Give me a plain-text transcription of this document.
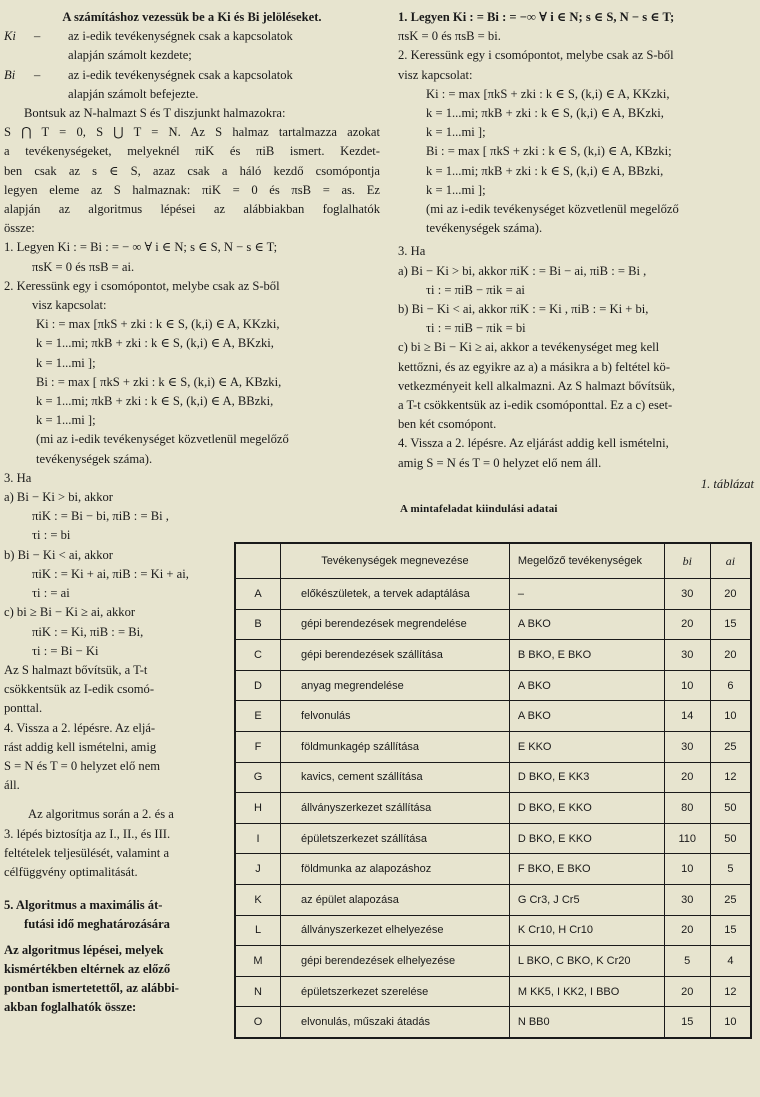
A számításhoz vezessük be a Ki és Bi jelöléseket.

Ki	–	az i-edik tevékenységnek csak a kapcsolatok

alapján számolt kezdete;

Bi	–	az i-edik tevékenységnek csak a kapcsolatok

alapján számolt befejezte.

Bontsuk az N-halmazt S és T diszjunkt halmazokra:

S ⋂ T = 0, S ⋃ T = N. Az S halmaz tartalmazza azokat

a tevékenységeket, melyeknél πiK és πiB ismert. Kezdet-

ben csak az s ∈ S, azaz csak a háló kezdő csomópontja

legyen eleme az S halmaznak: πiK = 0 és πsB = as. Ez

alapján az algoritmus lépései az alábbiakban foglalhatók

össze:

1. Legyen Ki : = Bi : = − ∞ ∀ i ∈ N; s ∈ S, N − s ∈ T;

πsK = 0 és πsB = ai.

2. Keressünk egy i csomópontot, melybe csak az S-ből

visz kapcsolat:

Ki : = max [πkS + zki : k ∈ S, (k,i) ∈ A, KKzki,

k = 1...mi; πkB + zki : k ∈ S, (k,i) ∈ A, BKzki,

k = 1...mi ];

Bi : = max [ πkS + zki : k ∈ S, (k,i) ∈ A, KBzki,

k = 1...mi; πkB + zki : k ∈ S, (k,i) ∈ A, BBzki,

k = 1...mi ];

(mi az i-edik tevékenységet közvetlenül megelőző

tevékenységek száma).

3. Ha

a) Bi − Ki > bi, akkor

πiK : = Bi − bi, πiB : = Bi ,

τi : = bi

b) Bi − Ki < ai, akkor

πiK : = Ki + ai, πiB : = Ki + ai,

τi : = ai

c) bi ≥ Bi − Ki ≥ ai, akkor

πiK : = Ki, πiB : = Bi,

τi : = Bi − Ki

Az S halmazt bővítsük, a T-t

csökkentsük az I-edik csomó-

ponttal.

4. Vissza a 2. lépésre. Az eljá-

rást addig kell ismételni, amig

S = N és T = 0 helyzet elő nem

áll.

Az algoritmus során a 2. és a

3. lépés biztosítja az I., II., és III.

feltételek teljesülését, valamint a

célfüggvény optimalitását.

5. Algoritmus a maximális át-

futási idő meghatározására

Az algoritmus lépései, melyek

kismértékben eltérnek az előző

pontban ismertetettől, az alábbi-

akban foglalhatók össze:

1. Legyen Ki : = Bi : = −∞ ∀ i ∈ N; s ∈ S, N − s ∈ T;

πsK = 0 és πsB = bi.

2. Keressünk egy i csomópontot, melybe csak az S-ből

visz kapcsolat:

Ki : = max [πkS + zki : k ∈ S, (k,i) ∈ A, KKzki,

k = 1...mi; πkB + zki : k ∈ S, (k,i) ∈ A, BKzki,

k = 1...mi ];

Bi : = max [ πkS + zki : k ∈ S, (k,i) ∈ A, KBzki;

k = 1...mi; πkB + zki : k ∈ S, (k,i) ∈ A, BBzki,

k = 1...mi ];

(mi az i-edik tevékenységet közvetlenül megelőző

tevékenységek száma).

3. Ha

a) Bi − Ki > bi, akkor πiK : = Bi − ai, πiB : = Bi ,

τi : = πiB − πik = ai

b) Bi − Ki < ai, akkor πiK : = Ki , πiB : = Ki + bi,

τi : = πiB − πik = bi

c) bi ≥ Bi − Ki ≥ ai, akkor a tevékenységet meg kell

kettőzni, és az egyikre az a) a másikra a b) feltétel kö-

vetkezményeit kell alkalmazni. Az S halmazt bővítsük,

a T-t csökkentsük az i-edik csomóponttal. Ez a c) eset-

ben két csomópont.

4. Vissza a 2. lépésre. Az eljárást addig kell ismételni,

amig S = N és T = 0 helyzet elő nem áll.

1. táblázat

A mintafeladat kiindulási adatai

	Tevékenységek megnevezése	Megelőző tevékenységek	bi	ai
A	előkészületek, a tervek adaptálása	–	30	20
B	gépi berendezések megrendelése	A BKO	20	15
C	gépi berendezések szállítása	B BKO, E BKO	30	20
D	anyag megrendelése	A BKO	10	6
E	felvonulás	A BKO	14	10
F	földmunkagép szállítása	E KKO	30	25
G	kavics, cement szállítása	D BKO, E KK3	20	12
H	állványszerkezet szállítása	D BKO, E KKO	80	50
I	épületszerkezet szállítása	D BKO, E KKO	110	50
J	földmunka az alapozáshoz	F BKO, E BKO	10	5
K	az épület alapozása	G Cr3, J Cr5	30	25
L	állványszerkezet elhelyezése	K Cr10, H Cr10	20	15
M	gépi berendezések elhelyezése	L BKO, C BKO, K Cr20	5	4
N	épületszerkezet szerelése	M KK5, I KK2, I BBO	20	12
O	elvonulás, műszaki átadás	N BB0	15	10
